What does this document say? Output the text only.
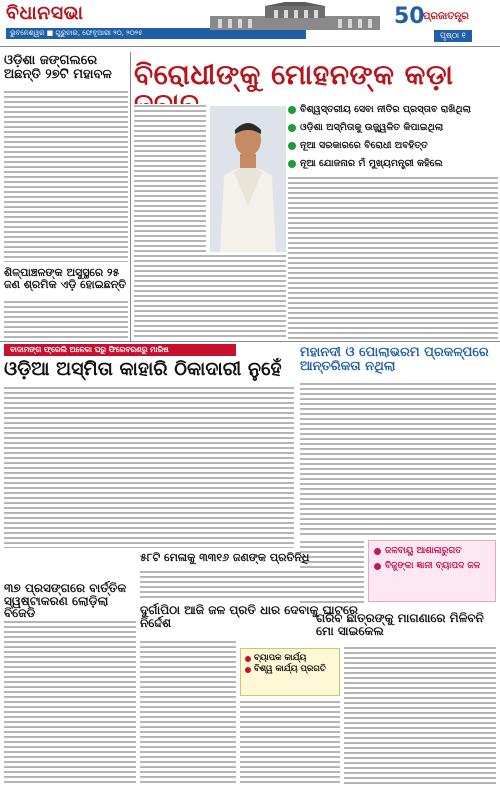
ବିଧାନସଭା
ଭୁବନେଶ୍ୱର ■ ଗୁରୁବାର, ଫେବୃଆରୀ ୨୦, ୨୦୨୫
50
ପ୍ରଜାତନ୍ତ୍ର
ପୃଷ୍ଠା ୧
ଓଡ଼ିଶା ଜଙ୍ଗଲରେ ଅଛନ୍ତି ୨୭ଟି ମହାବଳ
ଶିଳ୍ପାଞ୍ଚଳଙ୍କ ଅସୁସ୍ଥରେ ୨୫ ଜଣ ଶ୍ରମିକ ଏଡ଼ି ହୋଇଛନ୍ତି
ବିରୋଧୀଙ୍କୁ ମୋହନଙ୍କ କଡ଼ା
ବିଶ୍ୱସ୍ତରୀୟ ସେବା ନୀତିର ପ୍ରସ୍ତାବ ରାଖିଥିଲା
ଓଡ଼ିଶା ଅସ୍ମିତାକୁ ଉଜ୍ଜ୍ୱଳିତ କିପାଇଥିଲା
ନୂଆ ସରକାରରେ ବିରୋଧୀ ଅବହିତ୍ତ
ନୂଆ ଯୋଜନାର ମଁ ମୁଖ୍ୟମନ୍ତ୍ରୀ କହିଲେ
ବାଦାମଙ୍ଗ ଫ୍ରେଲି ଅଳେକା ଘରୁ ଫିରେବରଣରୁ ମାରିଷ
ଓଡ଼ିଆ ଅସ୍ମିତା କାହାରି ଠିକାଦାରୀ ନୁହେଁ
ମହାନଦୀ ଓ ପୋଲାଭରମ ପ୍ରକଳ୍ପରେ ଆନ୍ତରିକତା ନଥିଲା
ଜଳବାୟୁ ଆଶାଳାରୁଗତ
ବିଜୁଙ୍କା ଜ୍ଞାନୀ ବ୍ୟାପଦ ଜଳ
୫୮ଟି ମେଳାକୁ ୩୩୧୬ ଜଣଙ୍କ ପ୍ରତିନିଧି
୩୭ ପ୍ରସଙ୍ଗରେ ବାର୍ତ୍ତିକ ସ୍ୱଷ୍ଟାକରଣ ଲୋଡ଼ିଲା ବିଜେଡି	ଦୁର୍ଗାପିଠା ଆଜି ଜଳ ପ୍ରତି ଧାର ଦେବାକୁ ଘାଟରେ ନିର୍ଦ୍ଦେଶ
ବ୍ୟାପକ କାର୍ଯ୍ୟ
ବିଶ୍ୱ କାର୍ଯ୍ୟ ପ୍ରଗତି
ଗରିବ ଛାତ୍ରଙ୍କୁ ମାଗଣାରେ ମିଳିବନି ମୋ ସାଇକେଲ
